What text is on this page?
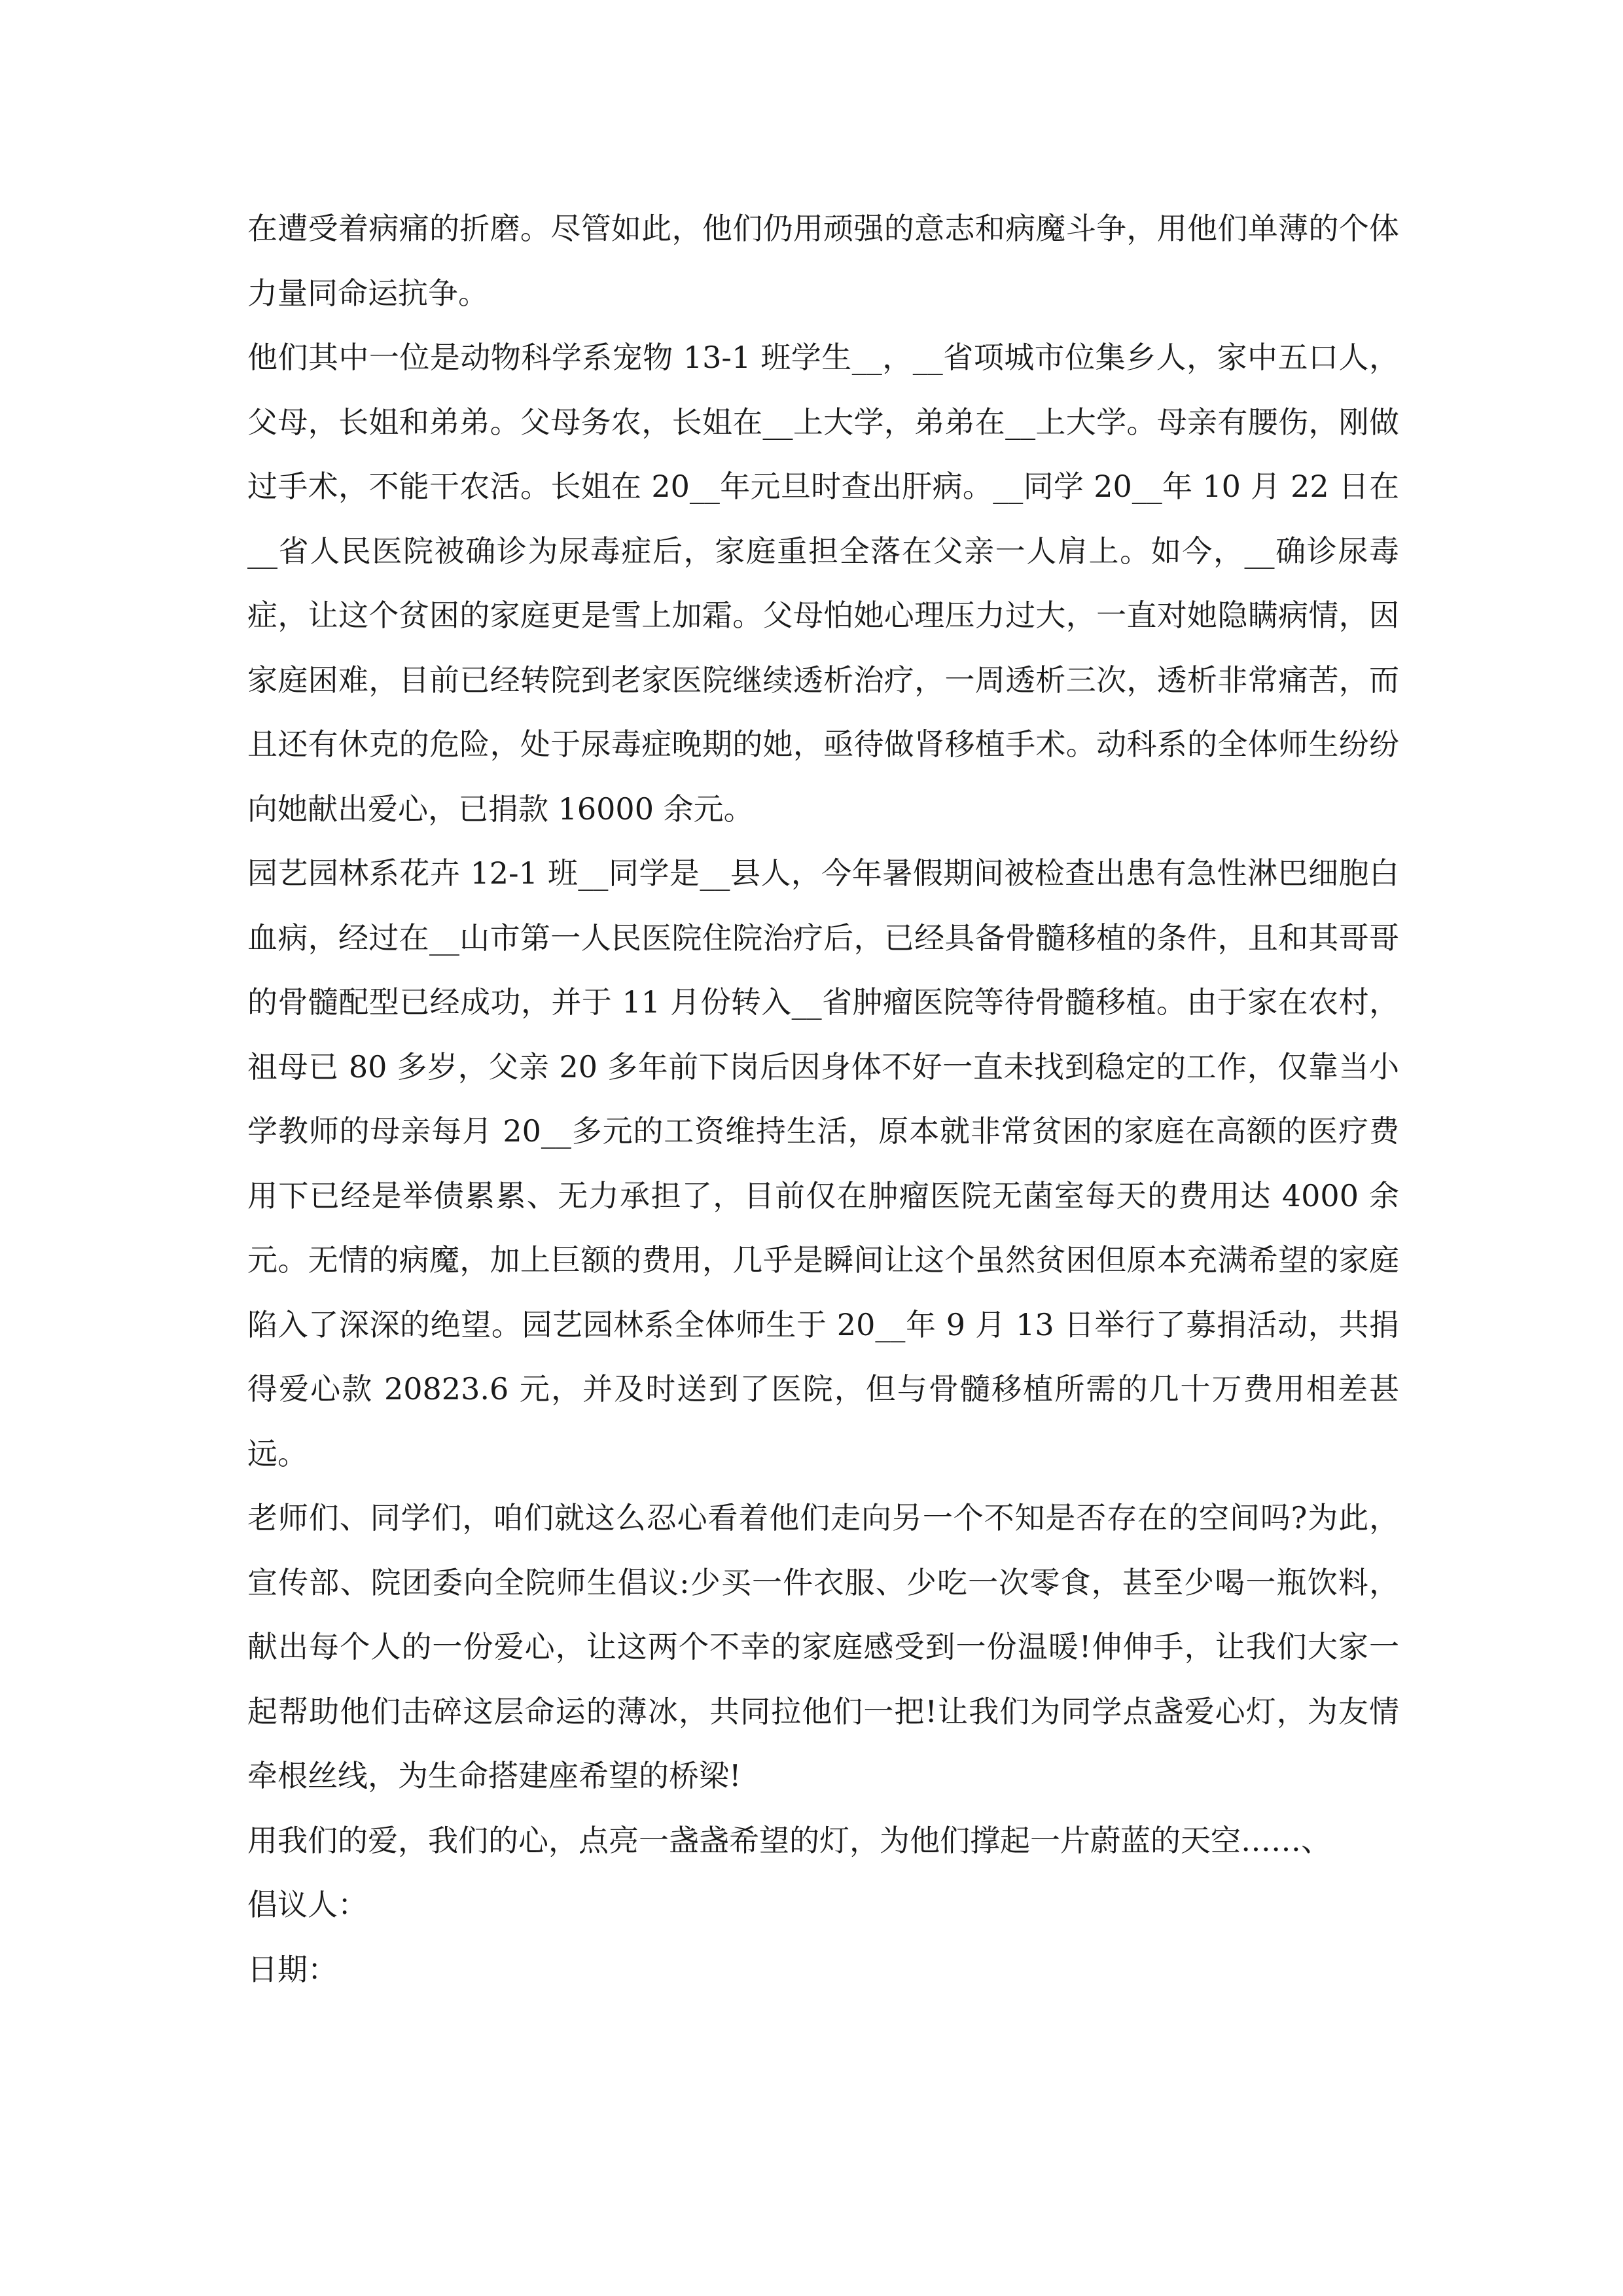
在遭受着病痛的折磨。尽管如此，他们仍用顽强的意志和病魔斗争，用他们单薄的个体力量同命运抗争。

他们其中一位是动物科学系宠物 13-1 班学生__，__省项城市位集乡人，家中五口人，父母，长姐和弟弟。父母务农，长姐在__上大学，弟弟在__上大学。母亲有腰伤，刚做过手术，不能干农活。长姐在 20__年元旦时查出肝病。__同学 20__年 10 月 22 日在__省人民医院被确诊为尿毒症后，家庭重担全落在父亲一人肩上。如今，__确诊尿毒症，让这个贫困的家庭更是雪上加霜。父母怕她心理压力过大，一直对她隐瞒病情，因家庭困难，目前已经转院到老家医院继续透析治疗，一周透析三次，透析非常痛苦，而且还有休克的危险，处于尿毒症晚期的她，亟待做肾移植手术。动科系的全体师生纷纷向她献出爱心，已捐款 16000 余元。

园艺园林系花卉 12-1 班__同学是__县人，今年暑假期间被检查出患有急性淋巴细胞白血病，经过在__山市第一人民医院住院治疗后，已经具备骨髓移植的条件，且和其哥哥的骨髓配型已经成功，并于 11 月份转入__省肿瘤医院等待骨髓移植。由于家在农村，祖母已 80 多岁，父亲 20 多年前下岗后因身体不好一直未找到稳定的工作，仅靠当小学教师的母亲每月 20__多元的工资维持生活，原本就非常贫困的家庭在高额的医疗费用下已经是举债累累、无力承担了，目前仅在肿瘤医院无菌室每天的费用达 4000 余元。无情的病魔，加上巨额的费用，几乎是瞬间让这个虽然贫困但原本充满希望的家庭陷入了深深的绝望。园艺园林系全体师生于 20__年 9 月 13 日举行了募捐活动，共捐得爱心款 20823.6 元，并及时送到了医院，但与骨髓移植所需的几十万费用相差甚远。

老师们、同学们，咱们就这么忍心看着他们走向另一个不知是否存在的空间吗?为此，宣传部、院团委向全院师生倡议:少买一件衣服、少吃一次零食，甚至少喝一瓶饮料，献出每个人的一份爱心，让这两个不幸的家庭感受到一份温暖!伸伸手，让我们大家一起帮助他们击碎这层命运的薄冰，共同拉他们一把!让我们为同学点盏爱心灯，为友情牵根丝线，为生命搭建座希望的桥梁!

用我们的爱，我们的心，点亮一盏盏希望的灯，为他们撑起一片蔚蓝的天空……、

倡议人：

日期：
